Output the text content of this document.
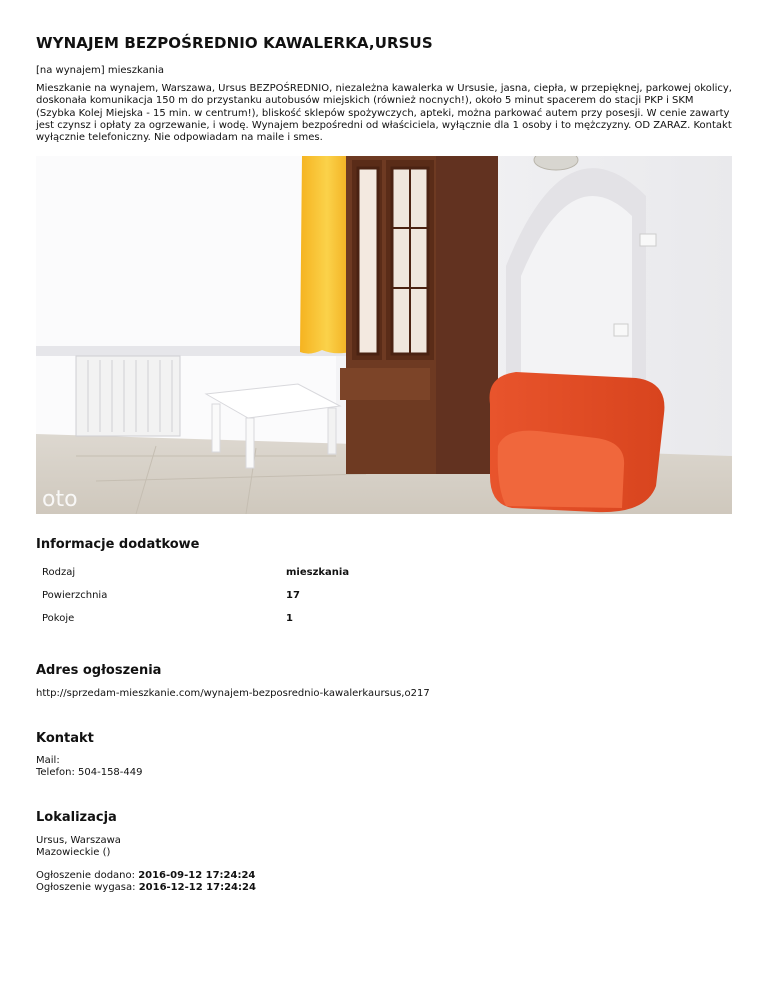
WYNAJEM BEZPOŚREDNIO KAWALERKA,URSUS
[na wynajem] mieszkania
Mieszkanie na wynajem, Warszawa, Ursus BEZPOŚREDNIO, niezależna kawalerka w Ursusie, jasna, ciepła, w przepięknej, parkowej okolicy, doskonała komunikacja 150 m do przystanku autobusów miejskich (również nocnych!), około 5 minut spacerem do stacji PKP i SKM (Szybka Kolej Miejska - 15 min. w centrum!), bliskość sklepów spożywczych, apteki, można parkować autem przy posesji. W cenie zawarty jest czynsz i opłaty za ogrzewanie, i wodę. Wynajem bezpośredni od właściciela, wyłącznie dla 1 osoby i to mężczyzny. OD ZARAZ. Kontakt wyłącznie telefoniczny. Nie odpowiadam na maile i smes.
oto
Informacje dodatkowe
Rodzaj	mieszkania
Powierzchnia	17
Pokoje	1
Adres ogłoszenia
http://sprzedam-mieszkanie.com/wynajem-bezposrednio-kawalerkaursus,o217
Kontakt
Mail:
Telefon: 504-158-449
Lokalizacja
Ursus, Warszawa
Mazowieckie ()
Ogłoszenie dodano: 2016-09-12 17:24:24
Ogłoszenie wygasa: 2016-12-12 17:24:24
